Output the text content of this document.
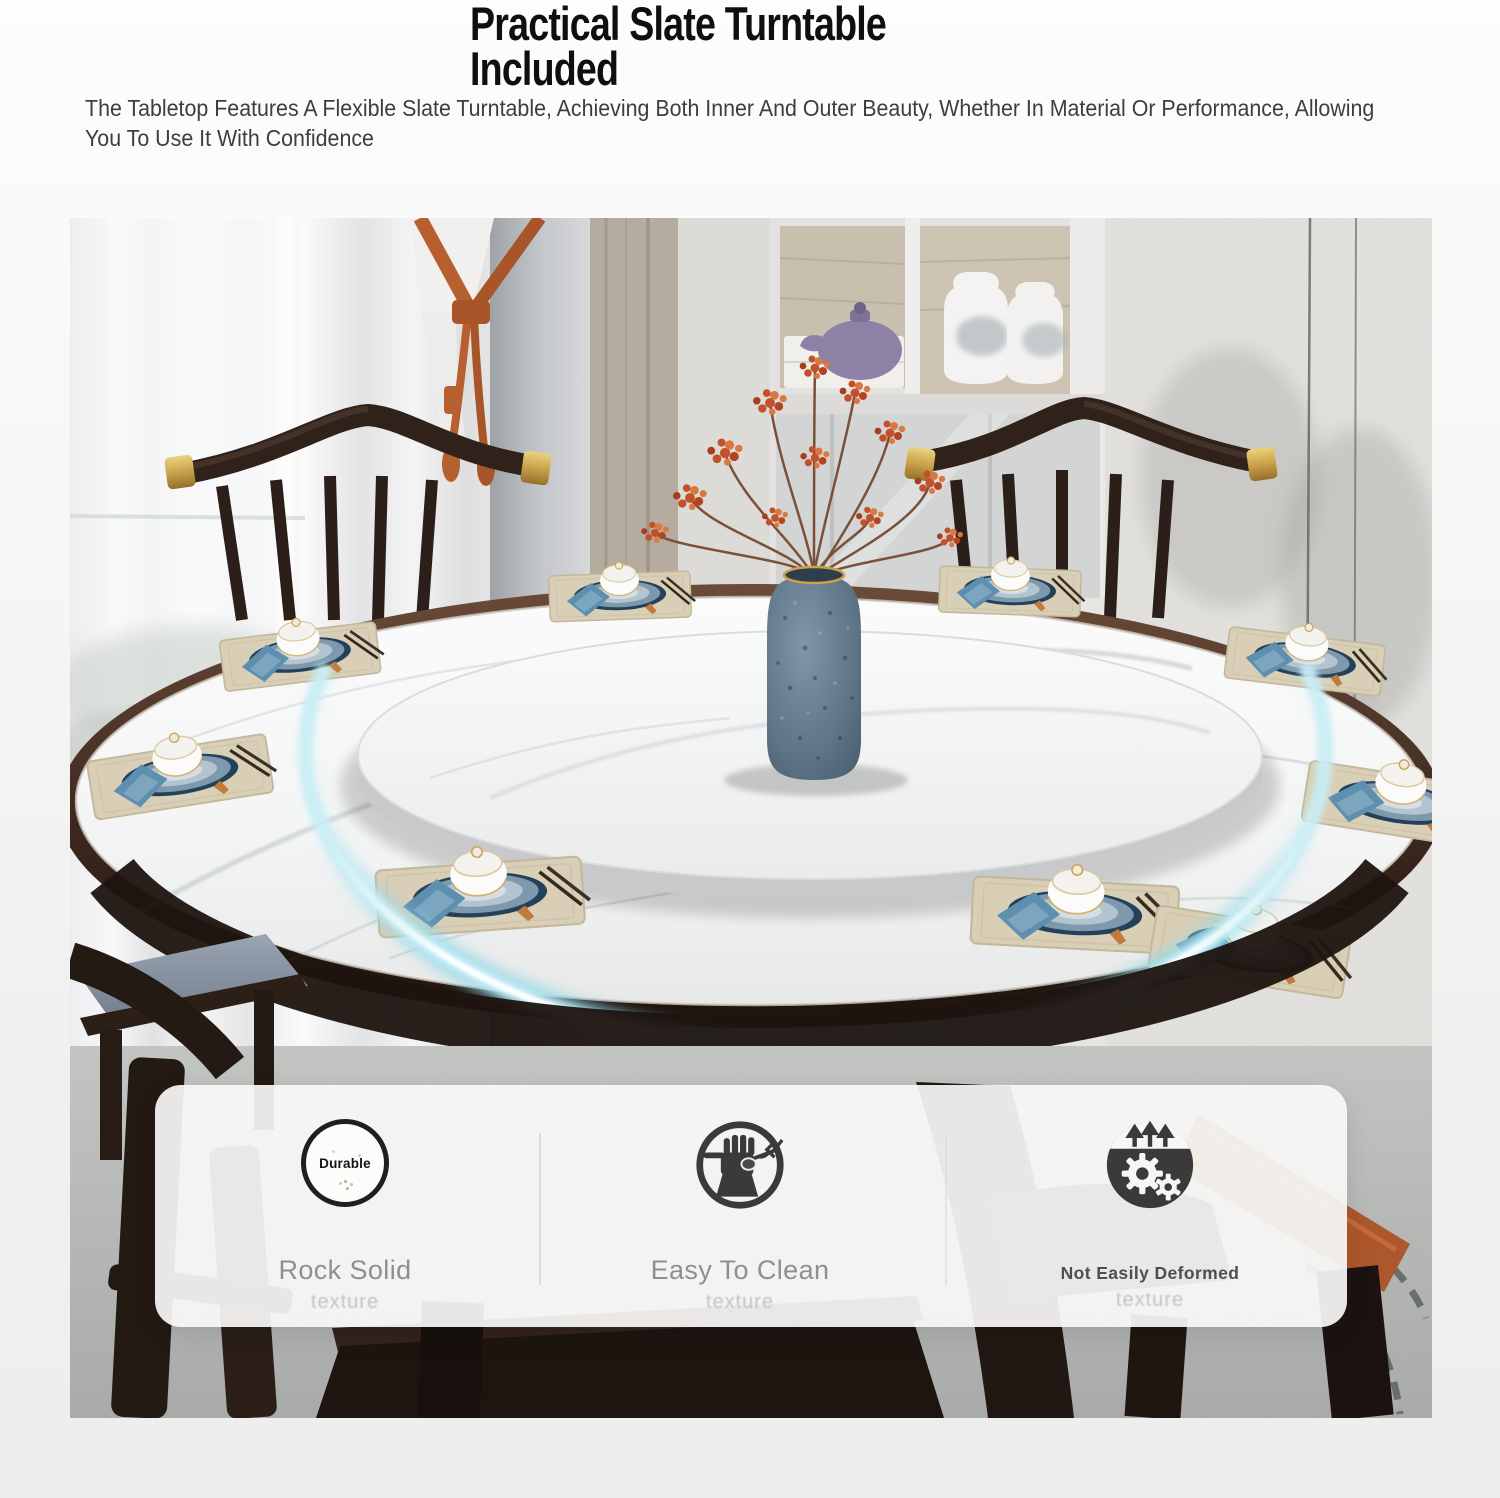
Practical Slate Turntable
Included

The Tabletop Features A Flexible Slate Turntable, Achieving Both Inner And Outer Beauty, Whether In Material Or Performance, Allowing
You To Use It With Confidence

Durable
Rock Solid
texture
Easy To Clean
texture
Not Easily Deformed
texture
